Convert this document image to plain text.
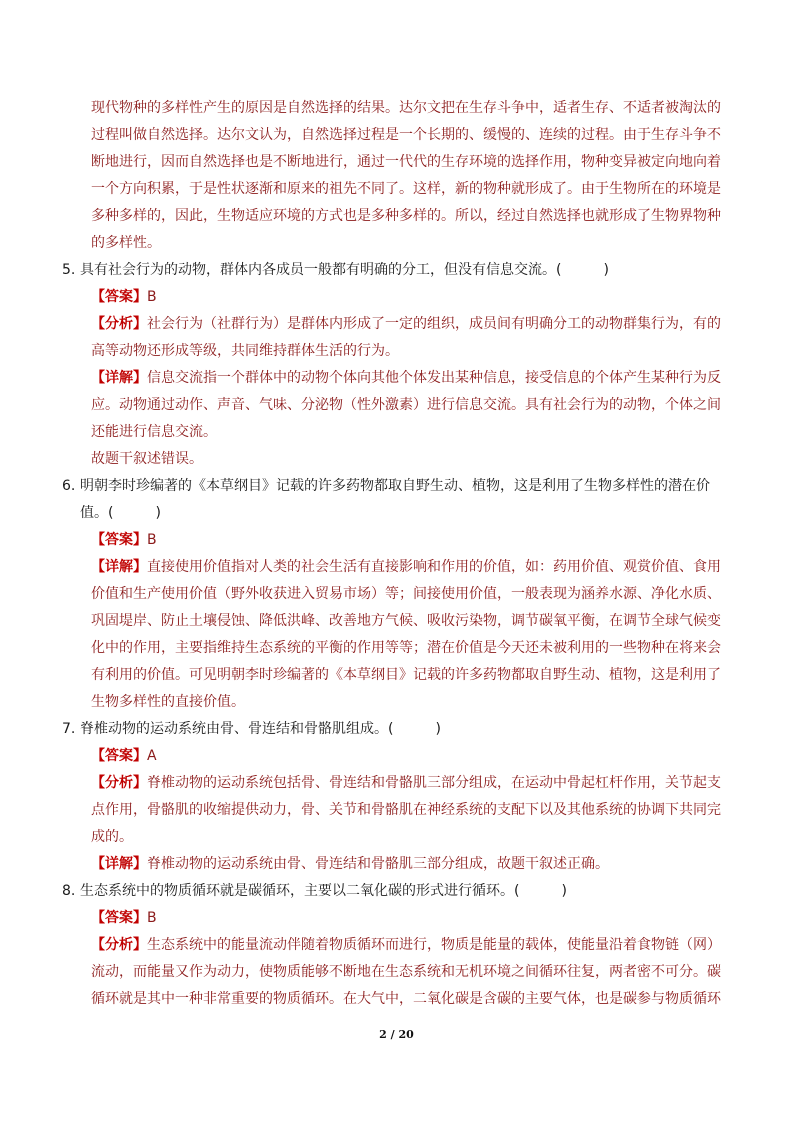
现代物种的多样性产生的原因是自然选择的结果。达尔文把在生存斗争中，适者生存、不适者被淘汰的过程叫做自然选择。达尔文认为，自然选择过程是一个长期的、缓慢的、连续的过程。由于生存斗争不断地进行，因而自然选择也是不断地进行，通过一代代的生存环境的选择作用，物种变异被定向地向着一个方向积累，于是性状逐渐和原来的祖先不同了。这样，新的物种就形成了。由于生物所在的环境是多种多样的，因此，生物适应环境的方式也是多种多样的。所以，经过自然选择也就形成了生物界物种的多样性。

5. 具有社会行为的动物，群体内各成员一般都有明确的分工，但没有信息交流。(　　　)

【答案】B

【分析】社会行为（社群行为）是群体内形成了一定的组织，成员间有明确分工的动物群集行为，有的高等动物还形成等级，共同维持群体生活的行为。

【详解】信息交流指一个群体中的动物个体向其他个体发出某种信息，接受信息的个体产生某种行为反应。动物通过动作、声音、气味、分泌物（性外激素）进行信息交流。具有社会行为的动物，个体之间还能进行信息交流。

故题干叙述错误。

6. 明朝李时珍编著的《本草纲目》记载的许多药物都取自野生动、植物，这是利用了生物多样性的潜在价值。(　　　)

【答案】B

【详解】直接使用价值指对人类的社会生活有直接影响和作用的价值，如：药用价值、观赏价值、食用价值和生产使用价值（野外收获进入贸易市场）等；间接使用价值，一般表现为涵养水源、净化水质、巩固堤岸、防止土壤侵蚀、降低洪峰、改善地方气候、吸收污染物，调节碳氧平衡，在调节全球气候变化中的作用，主要指维持生态系统的平衡的作用等等；潜在价值是今天还未被利用的一些物种在将来会有利用的价值。可见明朝李时珍编著的《本草纲目》记载的许多药物都取自野生动、植物，这是利用了生物多样性的直接价值。

7. 脊椎动物的运动系统由骨、骨连结和骨骼肌组成。(　　　)

【答案】A

【分析】脊椎动物的运动系统包括骨、骨连结和骨骼肌三部分组成，在运动中骨起杠杆作用，关节起支点作用，骨骼肌的收缩提供动力，骨、关节和骨骼肌在神经系统的支配下以及其他系统的协调下共同完成的。

【详解】脊椎动物的运动系统由骨、骨连结和骨骼肌三部分组成，故题干叙述正确。

8. 生态系统中的物质循环就是碳循环，主要以二氧化碳的形式进行循环。(　　　)

【答案】B

【分析】生态系统中的能量流动伴随着物质循环而进行，物质是能量的载体，使能量沿着食物链（网）流动，而能量又作为动力，使物质能够不断地在生态系统和无机环境之间循环往复，两者密不可分。碳循环就是其中一种非常重要的物质循环。在大气中，二氧化碳是含碳的主要气体，也是碳参与物质循环

2 / 20
